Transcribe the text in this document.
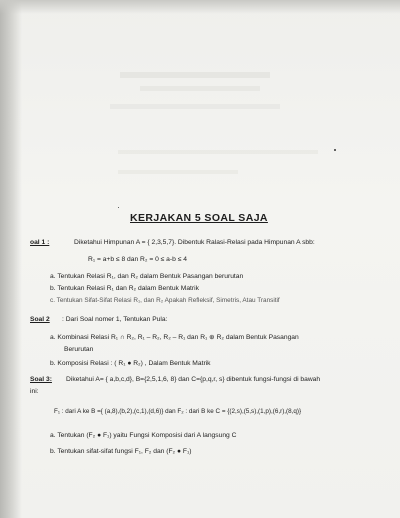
KERJAKAN 5 SOAL SAJA
oal 1 :	Diketahui Himpunan A = { 2,3,5,7}. Dibentuk Ralasi-Relasi pada Himpunan A sbb:
R₁ = a+b ≤ 8 dan R₂ = 0 ≤ a-b ≤ 4
a. Tentukan Relasi R₁, dan R₂ dalam Bentuk Pasangan berurutan
b. Tentukan Relasi R₁ dan R₂ dalam Bentuk Matrik
c. Tentukan Sifat-Sifat Relasi R₁, dan R₂ Apakah Refleksif, Simetris, Atau Transitif
Soal 2 : Dari Soal nomer 1, Tentukan Pula:
a. Kombinasi Relasi R₁ ∩ R₂, R₁ – R₂, R₂ – R₁ dan R₁ ⊕ R₂ dalam Bentuk Pasangan
Berurutan
b. Komposisi Relasi : ( R₁ ● R₂) , Dalam Bentuk Matrik
Soal 3: Diketahui A= { a,b,c,d}, B={2,5,1,6, 8} dan C={p,q,r, s} dibentuk fungsi-fungsi di bawah
ini:
F₁ : dari A ke B ={ (a,8),(b,2),(c,1),(d,6)} dan F₂ : dari B ke C = {(2,s),(5,s),(1,p),(6,r),(8,q)}
a. Tentukan (F₂ ● F₁) yaitu Fungsi Komposisi dari A langsung C
b. Tentukan sifat-sifat fungsi F₁, F₂ dan (F₂ ● F₁)
